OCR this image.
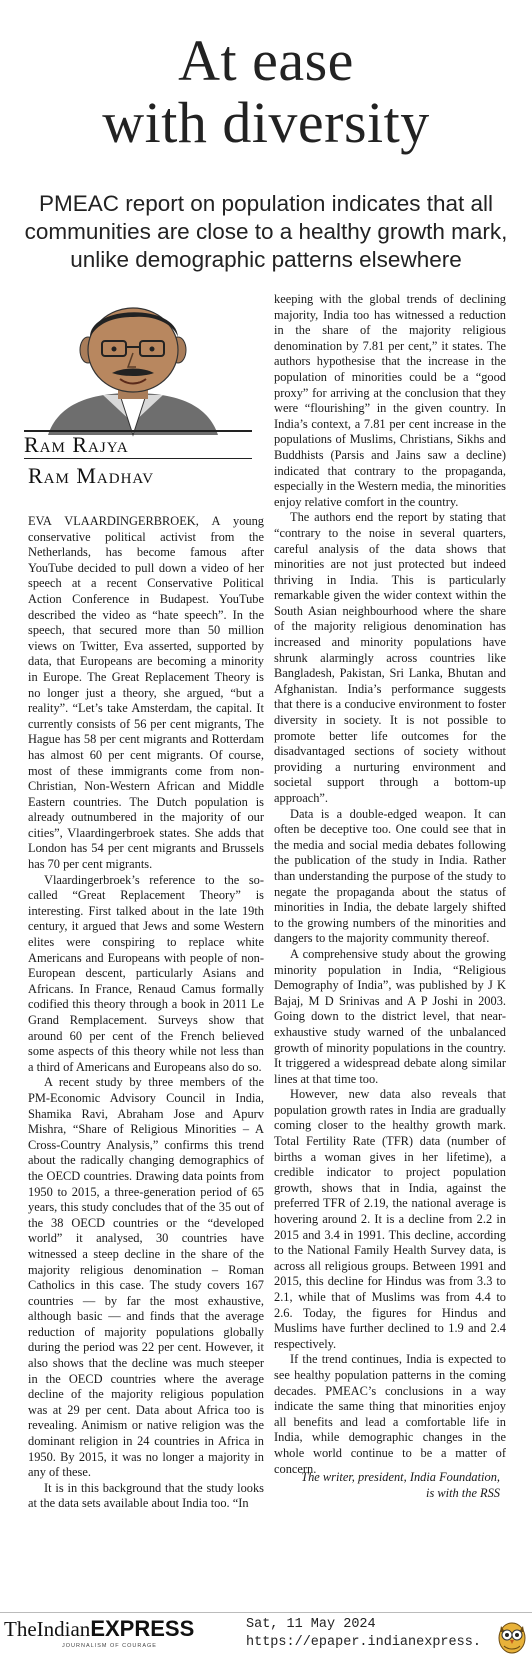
At ease
with diversity
PMEAC report on population indicates that all
communities are close to a healthy growth mark,
unlike demographic patterns elsewhere
Ram Rajya
Ram Madhav

EVA VLAARDINGERBROEK, A young conservative political activist from the Netherlands, has become famous after YouTube decided to pull down a video of her speech at a recent Conservative Political Action Conference in Budapest. YouTube described the video as “hate speech”. In the speech, that secured more than 50 million views on Twitter, Eva asserted, supported by data, that Europeans are becoming a minority in Europe. The Great Replacement Theory is no longer just a theory, she argued, “but a reality”. “Let’s take Amsterdam, the capital. It currently consists of 56 per cent migrants, The Hague has 58 per cent migrants and Rotterdam has almost 60 per cent migrants. Of course, most of these immigrants come from non-Christian, Non-Western African and Middle Eastern countries. The Dutch population is already outnumbered in the majority of our cities”, Vlaardingerbroek states. She adds that London has 54 per cent migrants and Brussels has 70 per cent migrants.

Vlaardingerbroek’s reference to the so-called “Great Replacement Theory” is interesting. First talked about in the late 19th century, it argued that Jews and some Western elites were conspiring to replace white Americans and Europeans with people of non-European descent, particularly Asians and Africans. In France, Renaud Camus formally codified this theory through a book in 2011 Le Grand Remplacement. Surveys show that around 60 per cent of the French believed some aspects of this theory while not less than a third of Americans and Europeans also do so.

A recent study by three members of the PM-Economic Advisory Council in India, Shamika Ravi, Abraham Jose and Apurv Mishra, “Share of Religious Minorities – A Cross-Country Analysis,” confirms this trend about the radically changing demographics of the OECD countries. Drawing data points from 1950 to 2015, a three-generation period of 65 years, this study concludes that of the 35 out of the 38 OECD countries or the “developed world” it analysed, 30 countries have witnessed a steep decline in the share of the majority religious denomination – Roman Catholics in this case. The study covers 167 countries — by far the most exhaustive, although basic — and finds that the average reduction of majority populations globally during the period was 22 per cent. However, it also shows that the decline was much steeper in the OECD countries where the average decline of the majority religious population was at 29 per cent. Data about Africa too is revealing. Animism or native religion was the dominant religion in 24 countries in Africa in 1950. By 2015, it was no longer a majority in any of these.

It is in this background that the study looks at the data sets available about India too. “In

keeping with the global trends of declining majority, India too has witnessed a reduction in the share of the majority religious denomination by 7.81 per cent,” it states. The authors hypothesise that the increase in the population of minorities could be a “good proxy” for arriving at the conclusion that they were “flourishing” in the given country. In India’s context, a 7.81 per cent increase in the populations of Muslims, Christians, Sikhs and Buddhists (Parsis and Jains saw a decline) indicated that contrary to the propaganda, especially in the Western media, the minorities enjoy relative comfort in the country.

The authors end the report by stating that “contrary to the noise in several quarters, careful analysis of the data shows that minorities are not just protected but indeed thriving in India. This is particularly remarkable given the wider context within the South Asian neighbourhood where the share of the majority religious denomination has increased and minority populations have shrunk alarmingly across countries like Bangladesh, Pakistan, Sri Lanka, Bhutan and Afghanistan. India’s performance suggests that there is a conducive environment to foster diversity in society. It is not possible to promote better life outcomes for the disadvantaged sections of society without providing a nurturing environment and societal support through a bottom-up approach”.

Data is a double-edged weapon. It can often be deceptive too. One could see that in the media and social media debates following the publication of the study in India. Rather than understanding the purpose of the study to negate the propaganda about the status of minorities in India, the debate largely shifted to the growing numbers of the minorities and dangers to the majority community thereof.

A comprehensive study about the growing minority population in India, “Religious Demography of India”, was published by J K Bajaj, M D Srinivas and A P Joshi in 2003. Going down to the district level, that near-exhaustive study warned of the unbalanced growth of minority populations in the country. It triggered a widespread debate along similar lines at that time too.

However, new data also reveals that population growth rates in India are gradually coming closer to the healthy growth mark. Total Fertility Rate (TFR) data (number of births a woman gives in her lifetime), a credible indicator to project population growth, shows that in India, against the preferred TFR of 2.19, the national average is hovering around 2. It is a decline from 2.2 in 2015 and 3.4 in 1991. This decline, according to the National Family Health Survey data, is across all religious groups. Between 1991 and 2015, this decline for Hindus was from 3.3 to 2.1, while that of Muslims was from 4.4 to 2.6. Today, the figures for Hindus and Muslims have further declined to 1.9 and 2.4 respectively.

If the trend continues, India is expected to see healthy population patterns in the coming decades. PMEAC’s conclusions in a way indicate the same thing that minorities enjoy all benefits and lead a comfortable life in India, while demographic changes in the whole world continue to be a matter of concern.

The writer, president, India Foundation,
is with the RSS
TheIndianEXPRESS
JOURNALISM OF COURAGE
Sat, 11 May 2024
https://epaper.indianexpress.
